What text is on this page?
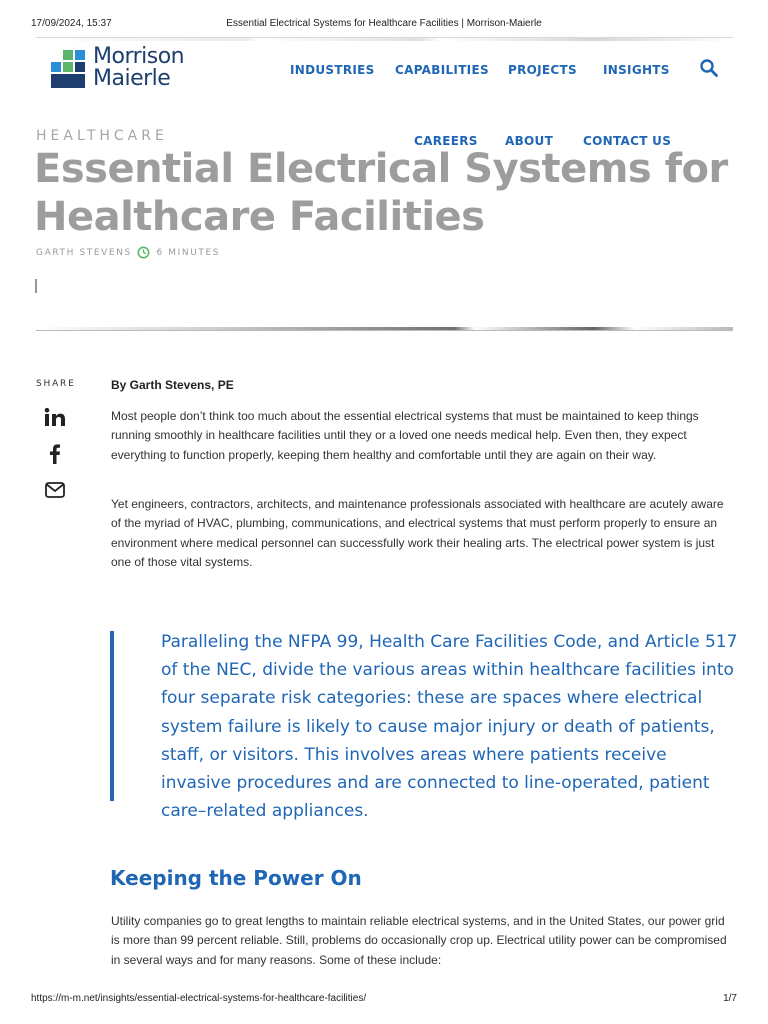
17/09/2024, 15:37	Essential Electrical Systems for Healthcare Facilities | Morrison-Maierle
Morrison
Maierle	INDUSTRIES CAPABILITIES PROJECTS INSIGHTS
CAREERS ABOUT CONTACT US
HEALTHCARE
Essential Electrical Systems for Healthcare Facilities
GARTH STEVENS	6 MINUTES
SHARE	By Garth Stevens, PE

Most people don’t think too much about the essential electrical systems that must be maintained to keep things running smoothly in healthcare facilities until they or a loved one needs medical help. Even then, they expect everything to function properly, keeping them healthy and comfortable until they are again on their way.

Yet engineers, contractors, architects, and maintenance professionals associated with healthcare are acutely aware of the myriad of HVAC, plumbing, communications, and electrical systems that must perform properly to ensure an environment where medical personnel can successfully work their healing arts. The electrical power system is just one of those vital systems.

Paralleling the NFPA 99, Health Care Facilities Code, and Article 517 of the NEC, divide the various areas within healthcare facilities into four separate risk categories: these are spaces where electrical system failure is likely to cause major injury or death of patients, staff, or visitors. This involves areas where patients receive invasive procedures and are connected to line-operated, patient care–related appliances.

Keeping the Power On

Utility companies go to great lengths to maintain reliable electrical systems, and in the United States, our power grid is more than 99 percent reliable. Still, problems do occasionally crop up. Electrical utility power can be compromised in several ways and for many reasons. Some of these include:

https://m-m.net/insights/essential-electrical-systems-for-healthcare-facilities/	1/7
